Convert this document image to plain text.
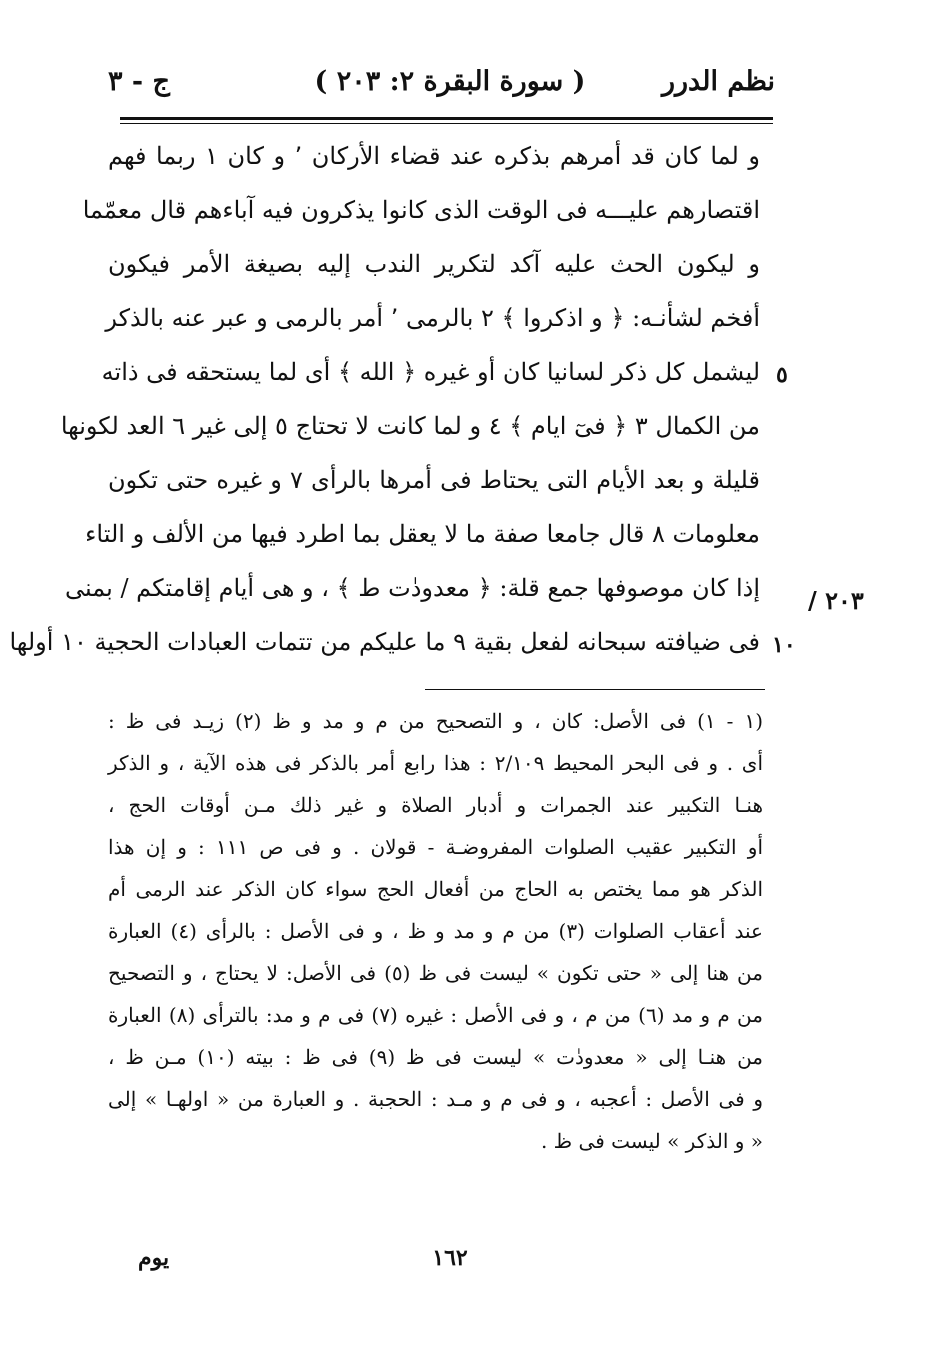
نظم الدرر
( سورة البقرة ٢: ٢٠٣ )
ج - ٣
و لما كان قد أمرهم بذكره عند قضاء الأركان ٬ و كان ١ ربما فهم
اقتصارهم عليـــه فى الوقت الذى كانوا يذكرون فيه آباءهم قال معمّما
و ليكون الحث عليه آكد لتكرير الندب إليه بصيغة الأمر فيكون
أفخم لشأنـه: ﴿ و اذكروا ﴾ ٢ بالرمى ٬ أمر بالرمى و عبر عنه بالذكر
ليشمل كل ذكر لسانيا كان أو غيره ﴿ الله ﴾ أى لما يستحقه فى ذاته
من الكمال ٣ ﴿ فىٓ ايام ﴾ ٤ و لما كانت لا تحتاج ٥ إلى غير ٦ العد لكونها
قليلة و بعد الأيام التى يحتاط فى أمرها بالرأى ٧ و غيره حتى تكون
معلومات ٨ قال جامعا صفة ما لا يعقل بما اطرد فيها من الألف و التاء
إذا كان موصوفها جمع قلة: ﴿ معدودٰت ط ﴾ ، و هى أيام إقامتكم / بمنى
فى ضيافته سبحانه لفعل بقية ٩ ما عليكم من تتمات العبادات الحجية ١٠ أولها
٥
١٠
٢٠٣ /
(١ - ١) فى الأصل: كان ، و التصحيح من م و مد و ظ (٢) زيـد فى ظ :
أى . و فى البحر المحيط ٢/١٠٩ : هذا رابع أمر بالذكر فى هذه الآية ، و الذكر
هنـا التكبير عند الجمرات و أدبار الصلاة و غير ذلك مـن أوقات الحج ،
أو التكبير عقيب الصلوات المفروضـة - قولان . و فى ص ١١١ : و إن هذا
الذكر هو مما يختص به الحاج من أفعال الحج سواء كان الذكر عند الرمى أم
عند أعقاب الصلوات (٣) من م و مد و ظ ، و فى الأصل : بالرأى (٤) العبارة
من هنا إلى « حتى تكون » ليست فى ظ (٥) فى الأصل: لا يحتاج ، و التصحيح
من م و مد (٦) من م ، و فى الأصل : غيره (٧) فى م و مد: بالترأى (٨) العبارة
من هنـا إلى « معدودٰت » ليست فى ظ (٩) فى ظ : بيته (١٠) مـن ظ ،
و فى الأصل : أعجبه ، و فى م و مـد : الحجبة . و العبارة من « اولهـا » إلى
« و الذكر » ليست فى ظ .
١٦٢
يوم
